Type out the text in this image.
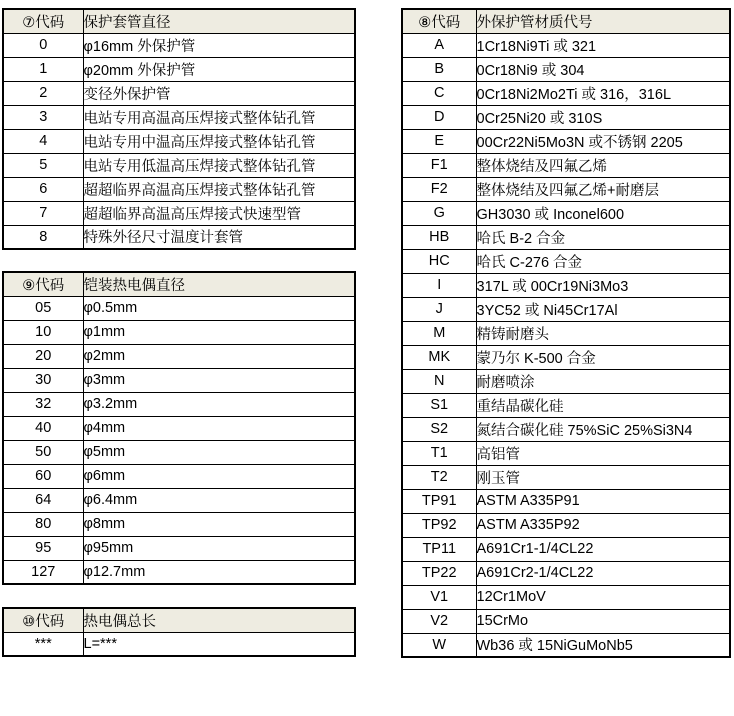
⑦代码	保护套管直径
0	φ16mm 外保护管
1	φ20mm 外保护管
2	变径外保护管
3	电站专用高温高压焊接式整体钻孔管
4	电站专用中温高压焊接式整体钻孔管
5	电站专用低温高压焊接式整体钻孔管
6	超超临界高温高压焊接式整体钻孔管
7	超超临界高温高压焊接式快速型管
8	特殊外径尺寸温度计套管
⑨代码	铠装热电偶直径
05	φ0.5mm
10	φ1mm
20	φ2mm
30	φ3mm
32	φ3.2mm
40	φ4mm
50	φ5mm
60	φ6mm
64	φ6.4mm
80	φ8mm
95	φ95mm
127	φ12.7mm
⑩代码	热电偶总长
***	L=***
⑧代码	外保护管材质代号
A	1Cr18Ni9Ti 或 321
B	0Cr18Ni9 或 304
C	0Cr18Ni2Mo2Ti 或 316，316L
D	0Cr25Ni20 或 310S
E	00Cr22Ni5Mo3N 或不锈钢 2205
F1	整体烧结及四氟乙烯
F2	整体烧结及四氟乙烯+耐磨层
G	GH3030 或 Inconel600
HB	哈氏 B-2 合金
HC	哈氏 C-276 合金
I	317L 或 00Cr19Ni3Mo3
J	3YC52 或 Ni45Cr17Al
M	精铸耐磨头
MK	蒙乃尔 K-500 合金
N	耐磨喷涂
S1	重结晶碳化硅
S2	氮结合碳化硅 75%SiC 25%Si3N4
T1	高铝管
T2	刚玉管
TP91	ASTM A335P91
TP92	ASTM A335P92
TP11	A691Cr1-1/4CL22
TP22	A691Cr2-1/4CL22
V1	12Cr1MoV
V2	15CrMo
W	Wb36 或 15NiGuMoNb5
